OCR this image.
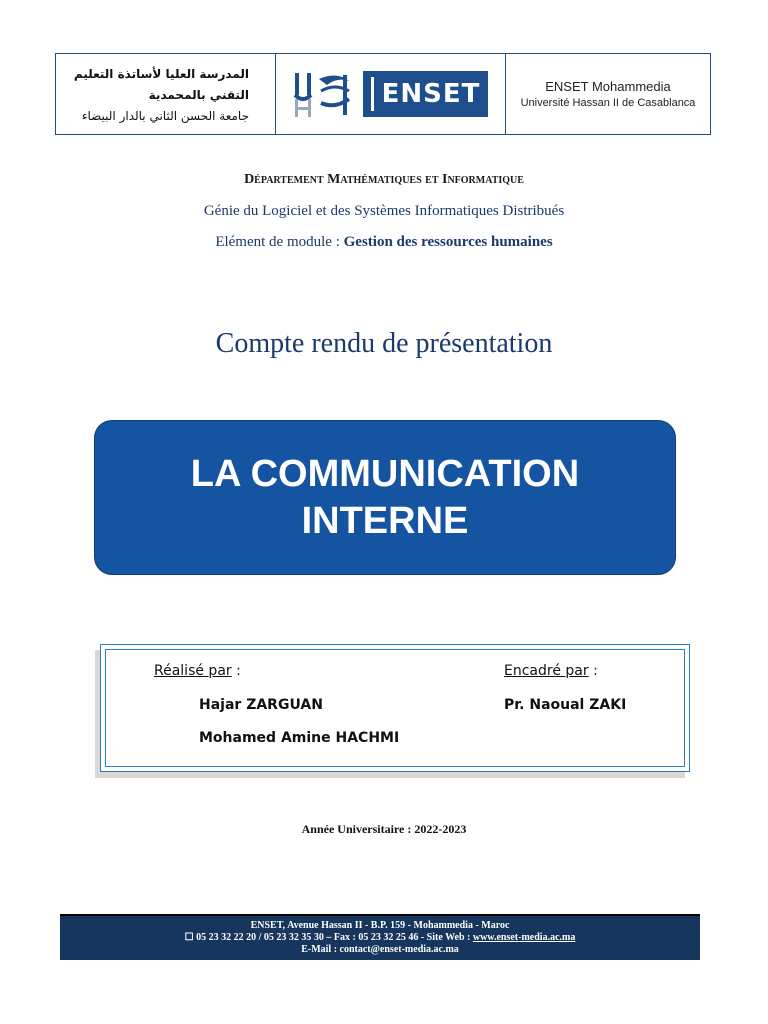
المدرسة العليا لأساتذة التعليم
التقني بالمحمدية
جامعة الحسن الثاني بالدار البيضاء
ENSET	ENSET Mohammedia
Université Hassan II de Casablanca
Département Mathématiques et Informatique
Génie du Logiciel et des Systèmes Informatiques Distribués
Elément de module : Gestion des ressources humaines
Compte rendu de présentation
LA COMMUNICATION
INTERNE
Réalisé par :
Hajar ZARGUAN
Mohamed Amine HACHMI
Encadré par :
Pr. Naoual ZAKI
Année Universitaire : 2022-2023
ENSET, Avenue Hassan II - B.P. 159 - Mohammedia - Maroc
☐ 05 23 32 22 20 / 05 23 32 35 30 – Fax : 05 23 32 25 46 - Site Web : www.enset-media.ac.ma
E-Mail : contact@enset-media.ac.ma
